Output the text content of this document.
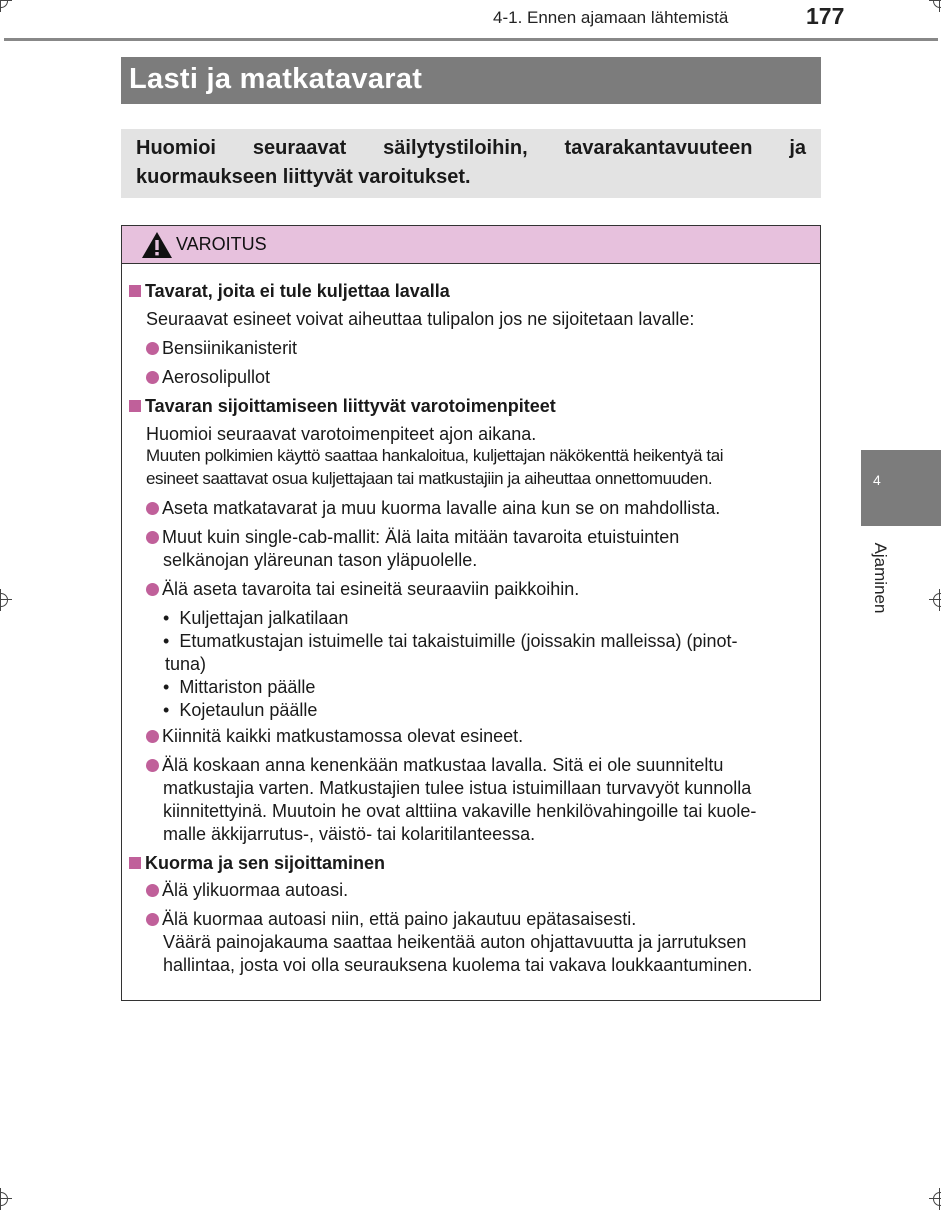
4-1. Ennen ajamaan lähtemistä	177
Lasti ja matkatavarat

Huomioi seuraavat säilytystiloihin, tavarakantavuuteen ja kuormaukseen liittyvät varoitukset.

VAROITUS
Tavarat, joita ei tule kuljettaa lavalla
Seuraavat esineet voivat aiheuttaa tulipalon jos ne sijoitetaan lavalle:
Bensiinikanisterit
Aerosolipullot
Tavaran sijoittamiseen liittyvät varotoimenpiteet
Huomioi seuraavat varotoimenpiteet ajon aikana.
Muuten polkimien käyttö saattaa hankaloitua, kuljettajan näkökenttä heikentyä tai
esineet saattavat osua kuljettajaan tai matkustajiin ja aiheuttaa onnettomuuden.
Aseta matkatavarat ja muu kuorma lavalle aina kun se on mahdollista.
Muut kuin single-cab-mallit: Älä laita mitään tavaroita etuistuinten
selkänojan yläreunan tason yläpuolelle.
Älä aseta tavaroita tai esineitä seuraaviin paikkoihin.
•  Kuljettajan jalkatilaan
•  Etumatkustajan istuimelle tai takaistuimille (joissakin malleissa) (pinot-
tuna)
•  Mittariston päälle
•  Kojetaulun päälle
Kiinnitä kaikki matkustamossa olevat esineet.
Älä koskaan anna kenenkään matkustaa lavalla. Sitä ei ole suunniteltu
matkustajia varten. Matkustajien tulee istua istuimillaan turvavyöt kunnolla
kiinnitettyinä. Muutoin he ovat alttiina vakaville henkilövahingoille tai kuole-
malle äkkijarrutus-, väistö- tai kolaritilanteessa.
Kuorma ja sen sijoittaminen
Älä ylikuormaa autoasi.
Älä kuormaa autoasi niin, että paino jakautuu epätasaisesti.
Väärä painojakauma saattaa heikentää auton ohjattavuutta ja jarrutuksen
hallintaa, josta voi olla seurauksena kuolema tai vakava loukkaantuminen.
4
Ajaminen
